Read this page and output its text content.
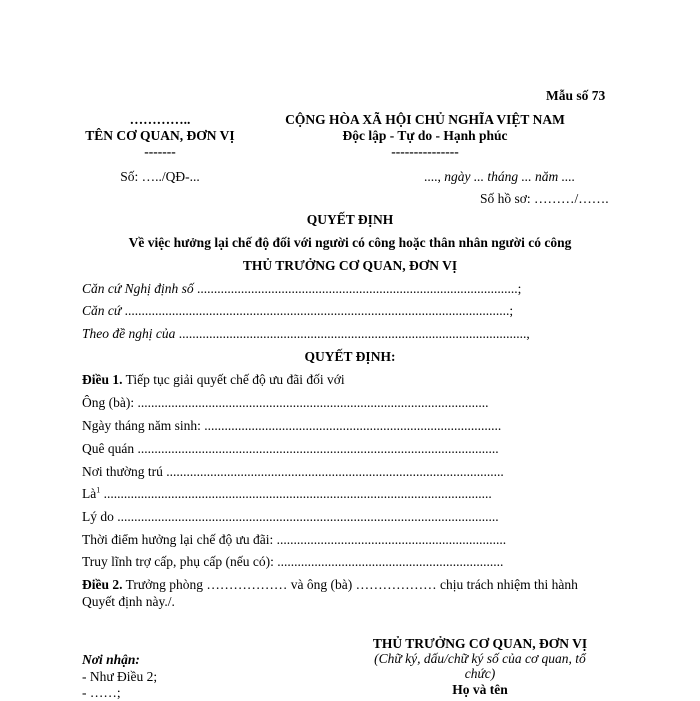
Mẫu số 73
…………..
TÊN CƠ QUAN, ĐƠN VỊ
-------
Số: …../QĐ-...
CỘNG HÒA XÃ HỘI CHỦ NGHĨA VIỆT NAM
Độc lập - Tự do - Hạnh phúc
---------------
...., ngày ... tháng ... năm ....
Số hồ sơ: ………/…….
QUYẾT ĐỊNH
Về việc hưởng lại chế độ đối với người có công hoặc thân nhân người có công
THỦ TRƯỞNG CƠ QUAN, ĐƠN VỊ
Căn cứ Nghị định số ...............................................................................................;
Căn cứ ..................................................................................................................;
Theo đề nghị của .......................................................................................................,
QUYẾT ĐỊNH:
Điều 1. Tiếp tục giải quyết chế độ ưu đãi đối với
Ông (bà): ........................................................................................................
Ngày tháng năm sinh: ........................................................................................
Quê quán ...........................................................................................................
Nơi thường trú ....................................................................................................
$Là^1$ ...................................................................................................................
Lý do .................................................................................................................
Thời điểm hưởng lại chế độ ưu đãi: ....................................................................
Truy lĩnh trợ cấp, phụ cấp (nếu có): ...................................................................
Điều 2. Trưởng phòng ……………… và ông (bà) ……………… chịu trách nhiệm thi hành
Quyết định này./.
THỦ TRƯỞNG CƠ QUAN, ĐƠN VỊ
(Chữ ký, dấu/chữ ký số của cơ quan, tổ
chức)
Họ và tên
Nơi nhận:
- Như Điều 2;
- ……;
